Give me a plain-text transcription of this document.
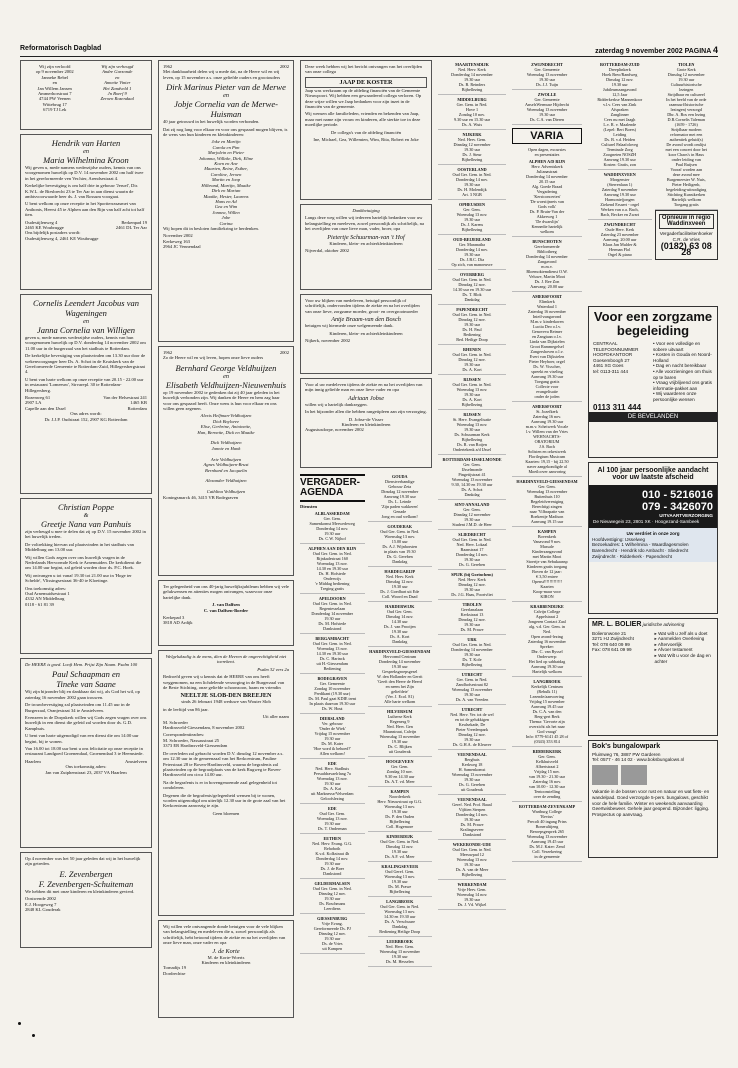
Reformatorisch Dagblad	zaterdag 9 november 2002 PAGINA 4
Wij zijn verloofd
op 9 november 2002
Janneke Rebel
en
Jan Willem Jansen
Ammerhorstraat 7
4744 PW Veenen
Wittebrug 17
6719 TJ Lek
Wij zijn verheugd
Andre Garzonde
en
Annette Vinter
Het Zandveld 1
Jn Boerf 9
Zeroen Rozendaal
Hendrik van Harten
en
Maria Wilhelmina Kroon

Wij geven u, mede namens wederzijdse ouders, kennis van ons voorgenomen huwelijk op D.V. 14 november 2002 om half twee in het gereformeerde ven Ver.hier, Arendsestraat 4.

Kerkelijke bevestiging is om half drie in gebouw 'Jeruel', Dir. K.W.L. de Biesbrecht 23 te Ter Aar in aan dienst waarin de ambtsvoorwaarde heer ds. J. van Rossum voorgaat.

U bent welkom op onze receptie in het Sportterrasasmet van Anthonis, Heerst 45 te Alphen aan den Rijn van half acht tot half tien.

Oudestijlenweg 4
2465 KE Woubrugge
Berkenpad 19
2461 DL Ter Aar

Ons bijdelijk postadres wordt:
Oudestijlenweg 4, 2461 KE Woubrugge

Cornelis Leendert Jacobus van Wageningen
en
Janna Cornelia van Willigen

geven u, mede namens wederzijdse ouders, kennis van hun voorgenomen huwelijk op D.V. donderdag 14 november 2002 om 11.00 uur in de burgerzaal van het stadhuis te Rotterdam.

De kerkelijke bevestiging van plaatsvinden om 13.30 uur door de wekenvoorganger heer Ds. A. Schot in de Kruiskerk van de Gereformeerde Gemeente te Rotterdam-Zuid, Hillegersbergstraat 4.

U bent van harte welkom op onze receptie van 20.15 - 22.00 uur in restaurant 'Lomeeuw', Sirvarepl. 30 te Rotterdam-Hillegersberg.

Rozenweg 61
2907 LA
Capelle aan den IJssel
Van der Helsestraat 241
1465 KB
Rotterdam

Ons adres wordt:
Dr. J.J.P. Oudstraat 152, 2907 KG Rotterdam

Christian Poppe
&
Greetje Nana van Panhuis

zijn verheugd u mee te delen dat zij op D.V. 15 november 2002 in het huwelijk treden.

De voltrekking hiervan zal plaatsvinden in het stadhuis van Middelburg om 13.00 uur.

Wij willen Gods zegen over ons huwelijk vragen in de Nederlands Hervormde Kerk te Arnemuiden. De kerkdienst die om 14.00 uur begint, zal geleid worden door ds. P.C. Hoek.

Wij ontvangen u tot vanaf 19.30 tot 21.00 uur in 'Hoge ter Schelde', Vlissingsestraat 36-40 te Kloetinge.

Ons toekomstig adres:
Oud Arnemuidsestraat 1
4332 AN Middelburg
0118 - 61 81 39

De HEERE is goed. Looft Hem. Prijst Zijn Naam. Psalm 100

Paul Schaapman en
Tineke van Saane

Wij zijn bijzonder blij en dankbaar dat wij, als God het wil, op zaterdag 16 november 2002 gaan trouwen.

De trouwbevestiging zal plaatsvinden om 11.45 uur in de Burgerzaal, Oranjestraat 34 te Amstelveen.

Evenzeen in de Dorpskerk willen wij Gods zegen vragen over ons huwelijk in een dienst die geleid zal worden door ds. G.D. Kamphuis.

U bent van harte uitgenodigd van een dienst die om 14.00 uur begint, bij te wonen.

Van 16.00 tot 18.00 uur bent u ons felicitatie op onze receptie in restaurant Landgoed Groenendaal, Groenendaal 3 te Heemstede.

Haarlem	Amstelveen

Ons toekomstig adres:
Jan van Zutphenstraat 23, 2037 VA Haarlem

Op 4 november was het 50 jaar geleden dat wij in het huwelijk zijn getreden.

E. Zevenbergen
F. Zevenbergen-Schuiteman

We hebben dit met onze kinderen en kleinkinderen gevierd.

Oostwende 2002
E.J. Hoogeweg 7
2848 KL Gouderak

1962	2002

Met dankbaarheid delen wij u mede dat, na de Heere wil en wij leven, op 15 november a.s. onze geliefde ouders en grootouders

Dirk Marinus Pieter van de Merwe
en
Jobje Cornelia van de Merwe-Huisman

40 jaar getrouwd in het huwelijk worden verbonden.

Dat zij nog lang voor elkaar en voor ons gespaard mogen blijven, is de wens van hun kinderen en kleinkinderen:

Joke en Martijn
Carola en Pim
Marjolein en Pieter
Johanna, Willeke, Dirk, Eline
Koen en Ane
Maarten, Reine, Esther,
Caroline, Jeroen
Martin en Joop
Hilbrand, Martijn, Maaike
Dirk en Marian
Maaike, Hester, Laurens
Hans en Ad
Gea en Wim
Jonnea, Willen
Jobe
Carina

Wij hopen dit in besloten familiekring te herdenken.

November 2002
Kerkeweg 163
2964 JC Vennendaal

1962	2002

Zo de Heere wil en wij leven, hopen onze lieve ouders

Bernhard George Veldhuijzen
en
Elisabeth Veldhuijzen-Nieuwenhuis

op 19 november 2002 te gedenken dat zij 40 jaar geleden in het huwelijk verbonden zijn. Wij danken de Heere en hem zag haar voor ons gespaard heeft. Onze wens is hun voor elkaar en ons willen geen zegenen.

Alexis Helfman-Veldhuijzen
Dick Boyloree
Elise, Gerbrine, Antoinette,
Han, Bernette, Dick en Maaike

Dick Veldhuijzen
Jannie en Hank

Arie Veldhuijzen
Agnes Veldhuijzen-Brust
Bernhard en Jacquelin

Alexander Veldhuijzen

Cathlina Veldhuijzen

Koningsmarck 46, 3415 VB Bodegraven

Ter gelegenheid van ons 40-jarig huwelijksjubileum hebben wij vele gelukwensen en attenties mogen ontvangen, waarvoor onze hartelijke dank.

J. van Dalfsen
C. van Dalfsen-Boeder

Kerkepad 3
3818 AD Ardijk

Welgelukzalig is de mens, dien de Heeren de ongerechtigheid niet toerekent.

Psalm 32 vers 2a

Bedroefd geven wij u kennis dat de HEERE van ons heeft weggenomen, na een lichdelende verzorging in de Burgerzaal van de Beste Stichting, onze geliefde schoonzoon, haam en vriendin

NEELTJE SLOB-DEN BREEJEN

sinds 26 februari 1948 weduwe van Wouter Slob

in de leeftijd van 86 jaar.

M. Schroeder
Uit aller naam

Hardinxveld-Giessendam, 8 november 2002

Correspondentieadres:
M. Schroeder, Nassaustraat 25
3373 ER Hardinxveld-Giessendam

De overleden zal gebracht worden D.V. dinsdag 12 november a.s. om 12.30 uur in de gemeenzaal van het Rerkcentrum, Pauline Peterstraat 28 te Boven-Hardinxveld, waarna de begrafenis zal plaatsvinden op de begraafplaats van de kerk Rugweg te Boven-Hardinxveld om circa 14.00 uur.

Na de begrafenis is er in bovengenoemde zaal gelegenheid tot condoleren.

Degenen die de begrafenis/gelegenheid wensen bij te wonen, worden uitgenodigd om uiterlijk 12.30 uur in de grote zaal van het Kerkcentrum aanwezig te zijn.

Geen bloemen

Wij willen vele ontvangende donde betuigen voor de vele blijken van belangstelling en medeleven die u, zowel persoonlijk als schriftelijk, hebt betoond tijdens de ziekte en na het overlijden van onze lieve man, onze vader en opa

J. de Korte
M. de Korte-Woerts
Kinderen en kleinkinderen

Tornadijs 19
Dordrechtse

Deze week hebben wij het bericht ontvangen van het overlijden van onze collega

JAAP DE KOSTER

Jaap was werkzaam op de afdeling financiën van de Gemeente Nieuwpoort. Wij hebben een gewaardeerd collega verloren. Op deze wijze willen we Jaap bedanken voor zijn inzet in de financiën van de gemeente.

Wij wensen alle familieleden, vrienden en bekenden van Jaap, maar met name zijn vrouw en kinderen, alle sterkte toe in deze moeilijke periode.

De collega's van de afdeling financiën

Ine, Michael, Gea, Willemien, Wim, Rita, Robert en Joke

Dankbetuiging

Langs deze weg willen wij iedereen hartelijk bedanken voor uw belangstelling en meeleven, zowel persoonlijk als schriftelijk, na het overlijden van onze lieve man, vader, broer, opa

Pietertje Schuurman-van 't Hof

Kinderen, klein- en achterkleinkinderen

Nijverdal, oktober 2002

Voor uw blijken van medeleven, betuigd persoonlijk of schriftelijk, ondervonden tijdens de ziekte en na het overlijden van onze lieve, zorgzame moeder, groot- en overgrootmoeder

Antje Braam-van den Bosch

betuigen wij hiermede onze welgemeende dank.

Kinderen, klein- en achterkleinkinderen

Nijkerk, november 2002

Voor al uw medeleven tijdens de ziekte en na het overlijden van mijn innig geliefde man en onze lieve vader en opa

Adriaan Jobse

willen wij u hartelijk dankzeggen.

In het bijzonder allen die hebben rangetipleen aan zijn verzorging.

D. Jobse-de Visser
Kinderen en kleinkinderen

Augustusdorpe, november 2002

VERGADER-
AGENDA
Diensten
ALBLASSERDAM
Ger. Gem.
Samenkomst Merwedeweg
Donderdag 14 nov.
19.30 uur
Ds. C.W. Nijhof
ALPHEN AAN DEN RIJN
Oud Ger. Gem. in Ned.
Rijnkadestraat 160
Woensdag 13 nov.
14.30 en 19.30 uur
Ds. H. Hofstede
Onderwijs
'v Middag bediening
Treging gratis
APELDOORN
Oud Ger. Gem. in Ned.
Regentesselaan
Donderdag 14 november
19.30 uur
Ds. M. Hofstede
Dankstond
BERGAMBACHT
Oud Ger. Gem. in Ned.
Woensdag 13 nov.
14.30 en 19.30 uur
Ds. C. Harinck
uit H.-Giessendam
Bediening
BODEGRAVEN
Ger. Gemeente
Zondag 10 november
Predikant (19.30 uur)
Ds. M. Paul gaat KDIE trent
In plaats daarvan 19.30 uur
Ds. W. Hout
DIERSLAND
Ver. gebouw
'Onder de Wiek'
Vrijdag 15 november
19.30 uur
Ds. M. Kater
'Hoe word ik behoed?'
Allen welkom!
EDE
Ned. Herv. Stadhuis
Persaddravaelrlang 7a
Woensdag 13 nov.
19.30 uur
Ds. A. Kat
uit Marknesse/Velserdam
Geloofslezing
EDE
Oud Ger. Gem.
Woensdag 13 nov.
19.30 uur
Ds. T. Onderman
EETHEN
Ned. Herv. Evang. G.G.
Rehoboth
K.v.d. Kolkstraat 4b
Donderdag 14 nov.
19.30 uur
Ds. J. de Boer
Dankstond
GELDERMALSEN
Oud Ger. Gem. in Ned.
Dinsdag 12 nov.
19.30 uur
Ds. Boschmans
Leerdiens
GIESSENBURG
Vrije Evang.
Gereformeerde Ds. PJ
Dinsdag 12 nov.
19.30 uur
Ds. de Vries
uit Kampen
GOUDA
Dienstverbandige
Gebouw Zeta
Dinsdag 12 november
Aanvang 19.30 uur
Ds. L. Leinde
'Zijn paden wakkeren'
Genade
Jong en oud welkom!
GOUDERAK
Oud Ger. Gem. in Ned.
Woensdag 13 nov.
15.00 uur
Ds. A.J. Wijnhorsten
in plaats van 19.30
Ds. G. Gereben
Dankdag
HARDEGARIJP
Ned. Herv. Kerk
Dinsdag 12 nov.
19.30 uur
Ds. J. Goedhart uit Ede
Coll. Woord en Daad
HARDERWIJK
Oud Ger. Gem.
Dinsdag 14 nov.
14.30 uur
Ds. J. van Prooijen
19.30 uur
Ds. A. Kort
Dankdag
HARDINXVELD-GIESSENDAM
Hervormd Centrum
Donderdag 14 november
19.30 uur
Gespreksgroepsgesel
W. den Hollander en Gerrit
'Geeft den Heere de Heerd
en neem het Zijn
geliefdete'
(Ver. J. Ecol. 81)
Alle harte welkom
HILVERSUM
Lutherse Kerk
Regenesg 9
Ned. Herv. Gen
Maanstraat, Calvijn
Woensdag 13 november
19.30 uur
Ds. C. Blijken
uit Gouderak
HOOGEVEEN
Ger. Gem.
Zondag 10 nov.
9.30 en 14.30 uur
Ds. A.T. vd. Meer
KAMPEN
Noorderkerk
Herv. Nieuwstraat op G.G.
Woensdag 13 nov.
19.30 uur
Ds. P. den Ouden
Bijbellezing
Coll. Hogemore
KINDERDIJK
Oud Ger. Gem. in Ned.
Dinsdag 12 nov.
19.30 uur
Ds. A.F. vd. Meer
KRALINGSEVEER
Oud Geref. Gem.
Woensdag 13 nov.
19.30 uur
Ds. M. Prawe
Bijbellezing
LANGBROEK
Oud Ger. Gem. in Ned.
Woensdag 13 nov.
14.30 en 19.30 uur
Ds. A. Verschuure
Dankdag
Bediening Heilige Doop
LEERBROEK
Ned. Herv. Gem.
Woensdag 13 november
19.30 uur
Ds. M. Hesselen
MAARTENSDIJK
Ned. Herv. Kerk
Donderdag 14 november
19.30 uur
Ds. B. Reinders
Bijbellezing
MIDDELBURG
Ger. Gem. in Ned.
Hove 1
Zondag 10 nov.
9.30 uur en 15.30 uur
Ds. A. Wuis
NIJKERK
Ned. Herv. Gem.
Dinsdag 12 november
19.30 uur
Ds. J. Steur
Bijbellezing
OOSTERLAND
Oud Ger. Gem. in Ned.
Donderdag 14 nov.
19.30 uur
Ds. H. Molendijk
Art. 3 NGB
OPHEUSDEN
Ger. Gem.
Woensdag 13 nov.
19.30 uur
Ds. J. Karens
Bijbellezing
OUD-BEIJERLAND
Ger. Maranatha
Donderdag 14 nov.
19.30 uur
Ds. J.B.C. Dia
Op zich, van manoeuvre
OVERBERG
Oud Ger. Gem. in Ned.
Dinsdag 12 nov.
14.30 uur en 19.30 uur
Ds. T. Blok
Dankdag
PAPENDRECHT
Oud Ger. Gem. in Ned.
Dinsdag 12 nov.
19.30 uur
Ds. H. Paul
Bediening
Bed. Heilige Doop
RHENEN
Oud Ger. Gem. in Ned.
Dinsdag 12 nov.
19.30 uur
Ds. A. Kort
RIJSSEN
Oud Ger. Gem. in Ned.
Woensdag 13 nov.
19.30 uur
Ds. A. Kort
Bijbellezing
RIJSSEN
St. Herv. Evangelisatie
Woensdag 13 nov.
19.30 uur
Ds. Schuurman Kerk
Bijbellezing
Ds. R. van Roijen
Ondertekenk a/d IJssel
ROTTERDAM-IJSSELMONDE
Ger. Gem.
IJsselmonde
Pingetijstraat 41
Woensdag 13 november
9.30, 14.30 en 19.30 uur
Ds. A. Schot
Dankdag
SINT-ANNALAND
Ger. Gem.
Dinsdag 12 november
19.30 uur
Student J.M.D. de Heer
SLIEDRECHT
Oud Ger. Gem. in Ned.
Ned. Herv. Lokaal
Baanstraat 17
Donderdag 14 nov.
19.30 uur
Ds. G. Gereben
SPIJK (bij Gorinchem)
Ned. Herv. Kerk
Dinsdag 12 nov.
19.30 uur
Ds. J.G. Haas, Poortvliet
TIBOLEN
Geerlanalaan
Kerkstraat 13
Dinsdag 12 nov.
19.30 uur
Ds. M. Prawe
URK
Oud Ger. Gem. in Ned.
Donderdag 14 november
19.30 uur
Ds. T. Kole
Bijbellezing
UTRECHT
Ger. Gem. in Ned.
Zandhofsestraat 82
Woensdag 13 november
19.30 uur
Ds. A. van Vreeden
UTRECHT
Ned. Herv. Ver. tot de wel
en tot de gelukkigen
Keulsekade, De
Pieter Vreedenpark
Dinsdag 12 nov.
19.30 uur
Ds. G.H.A. de Kleuver
VEENENDAAL
Berghuis
Kerkweg 18
H. Samenkomst
Woensdag 13 november
19.30 uur
Ds. G. Gereben
uit Gouderak
VEENENDAAL
Geref. Ned. Prof. Baaal
Vijftien Sterpen
Donderdag 14 nov.
19.30 uur
Ds. M. Prawe
Kralingseveer
Dankstond
WEKERONDE-UDE
Oud Ger. Gem. in Ned.
Meeuwpad 12
Woensdag 13 nov.
19.30 uur
Ds. A. van de Meer
Bijbellezing
WERKENDAM
Vrije Herv. Gem.
Woensdag 14 nov.
19.30 uur
Ds. J. Vd. Wijkel
ZWIJNDRECHT
Ger. Gemeente
Woensdag 13 november
19.30 uur
Ds. J.J. Tuijn
ZWOLLE
Ger. Gemeente
AnselsWermuse Hijdrecht
Woensdag 13 november
19.30 uur
Ds. C.A. van Dieren
VARIA
Open dagen, excursies
en presentaties
ALPHEN A/D RIJN
Herv. Adventskerk
Julianastraat
Donderdag 14 november
20.15 uur
Alg. Goede Braad
Vergadering
'Kerstconcerten'
'De woestijnreis van
Gods volk'
Ds. P. Bruin-Van der
Akkerweg 1
'De dwarslijn'
Kennedie hartelijk
welkom
BUNSCHOTEN
Gereformeerde
Bibliotheeg
Donderdag 14 november
Zangavond
m.m.v.
Bloemoktemdienst O.W.
Veluwe, Martin Mooi
Ds. J. Ree Zon
Aanvang: 20.00 uur
AMERSFOORT
Elimkerk
Waterdaal 1
Zaterdag 16 november
Inteil-zangavond
M.m.v. kinderkoren
Luctia Deo o.l.v.
Genoveva Reimer
en Zangiaan o.l.v.
Linda van Dijkstelen
Groot Rammegelsel
Zangershoven o.l.v.
Evert van Dijkstelen
Pieter Heyboer, orgel
Ds. W. Visscher,
spreekt en viseling
Aanvang 19.30 uur
Toegang gratis
Collecte voor
evangelisatie
onder de joden
AMERSFOORT
St. Jozefkerk
Zaterdag 16 nov.
Aanvang 19.30 uur
m.m.v. Scheiwerk Vocale
l.v. Willem van der Vries
WEHNACHTS-
ORATORIUM
J.S. Bach
Solisten en orkestwerk
Florilegium Musicum
Kaarten: 19,15 - bij 22.50
naver aangekondigde al
Moeilcover aanvoring
HARDINXVELD-GIESSENDAM
Ger. Gem.
Woensdag 13 november
Buitenhuis 110
Begeleidvereniging
Berechtigt zingen
naar 'Vilbrapatie van
Boekentje Madison
Aanvang 19.15 uur
KAMPEN
Bovenkerk
Vanavond 9 nov.
Massale
Kinderzangavond
met Martin Mooi
Stoertje van Sebukaansp
Kinderen gratis toegang
Boven de 12 jaar:
€ 3,50 entree
Openst!!!!!!!!!!!!!
Kaarten
Koop-maar voor
KIRON
KRABBENDIJKE
Calvijn College
Appelstraat 2
Jongeren Contact Zaal
alg. v.d. Ger. Gem. in
Ned.
Open avond-lezing
Zaterdag 16 november
Spreker:
Dhr. C. van Ryssel
Onderwerp:
Het lied op sabbatdag
Aanvang 19.30 uur
Hartelijk welkom
LANGBROEK
Kerkelijk Centrum
(Rebulk 11)
Lezende/aanvoering
Vrijdag 15 november
Aanvang 19.45 uur
Ds. C.A. van den
Berg-gert Berk
Thema: 'Gevorte zijn
overzicht als het naar
God vraagt'
Info: 0779-6141 45 28 of
(0343) 353 814
RIDDERKERK
Ger. Gem.
Kelkhuisveld
Albertstraat 2
Vrijdag 15 nov.
van 19.30 - 21.30 uur
Zaterdag 16 nov.
van 10.00 - 12.30 uur
Tentoonstelling
over de zending
ROTTERDAM-ZEVENKAMP
Wartburg College
'Revius'
Precolt 40 ingang Prins
Boneraltijeng
Beroepsgesprek 265
Woensdag 13 november
Aanvang 19.45 uur
Ds. M.J. Kater: Zend
Coll. Verzekering
in de gemeente
ROTTERDAM-ZUID
Dreeplinkerk
Hoek Breo/Randweg
Dinsdag 12 nov.
19.30 uur
Jubileumzangavond
12,5 Jaar
Ridderkerkse Mannenkoor
v.l.v. Cees van Zink
Afspraken
Zanglinner
Cees nu met Jaagh
L.v. R. v. Maalende
(Lepel: Bert Boers)
Leiding
Ds. B. v.d. Heiden
Culturel Palaafoloveg
Terminale Zorg
Zoogneten NOSZH
Aanvang 19.30 uur
Kosten: Gratis, zon
WADDINXVEEN
Morgenster
(Sterrenlaan 1)
Zaterdag 9 november
Aanvang 19.30 uur
Harmonie(jongen
Ziekend Ersaert - orgel
Werken van o.a. Bach,
Bach, Becker en Zwart
ZWIJNDRECHT
Oude Herv. Kerk
Zaterdag 23 november
Aanvang: 20.00 uur
Klaas Jan Mulder &
Herman Flol
Orgel & piano
TIOLEN
Grote Kerk
Dinsdag 12 november
19.30 uur
Cultuurhistorische
lezingen
Strijdbaar en cultureel
In het beeld van de orde
raamsurf/historische
lezingen) verzorgd
Dhr. A. Bos een lezing
D.R.Cornelis Taleman
(1659 - 1726)
Strijdbaar modern
reformator met een
authentiek geluid(s)
De avond wordt omlijst
met een concert door het
koor Chaos's in Haus
onder leiding van
Paul Ruijsen
Vooraf worden aan
deze avond mee
Burgemeester W. Nuis,
Pieter Heiligenb,
begeleiding-uitnodiging
Stichting Kunstkerken
Hartelijk welkom
Toegang gratis
Opnieuw in regio
Waddinxveen
Vergaderfaciliteitenhoeker
C.R. de Vries
(0182) 63 08 28
Voor een zorgzame begeleiding
CENTRAAL TELEFOONNUMMER
HOOFDKANTOOR
Goesemboogh 27
4461 XG Goes
tel: 0113-311 444
• Voor een volledige en sobere uitvaart
• Kosten in Gouda en Noord-Holland
• Dag en nacht bereikbaar
• Alle voorzieningen om thuis op te baren
• Vraag vrijblijvend ons gratis informatie-pakket aan
• Wij waarderen onze persoonlijke wensen
0113 311 444
DE BEVELANDEN
Al 100 jaar persoonlijke aandacht voor uw laatste afscheid
010 - 5216016
079 - 3426070
UITVAARTVERZORGING
De Nieuwegein 23, 2801 XK · Hoogezand-Sambeek
Uw verdriet in onze zorg
Hoofdvestiging: IJsselweg
Bezoekadres: 1 Wilhelmina - Waardlagesmolen
Barendrecht · Hendrik Ido Ambacht · Sliedrecht
Zwijndrecht · Ridderkerk · Papendrecht
MR. L. BOLIER juridische advisering
Bolieronwone 21
3271 HJ Zwijndrecht
Tel: 078 640 09 99
Fax: 078 641 09 99
▸ Wat wilt u zelf als u doet
▸ Aanmelden Overleving
▸ Aftervoerlijk
▸ Afvoer testament
▸ Wat Wilt u voor de dag en achter
Bok's bungalowpark
Pluimweg 76, 3887 PW Garderen
Tel: 0577 - 46 14 02 · www.boksbungalows.nl

Vakantie in de bossen voor rust en natuur en wat fiets- en wandelpad. Goed verzorgde 5-pers. bungalows, geschikt voor de hele familie. Winter en weekends aanvaarding Geertwisbeweer. Gehele jaar geopend. Bijzonder: ligging. Prospectus op aanvraag.
